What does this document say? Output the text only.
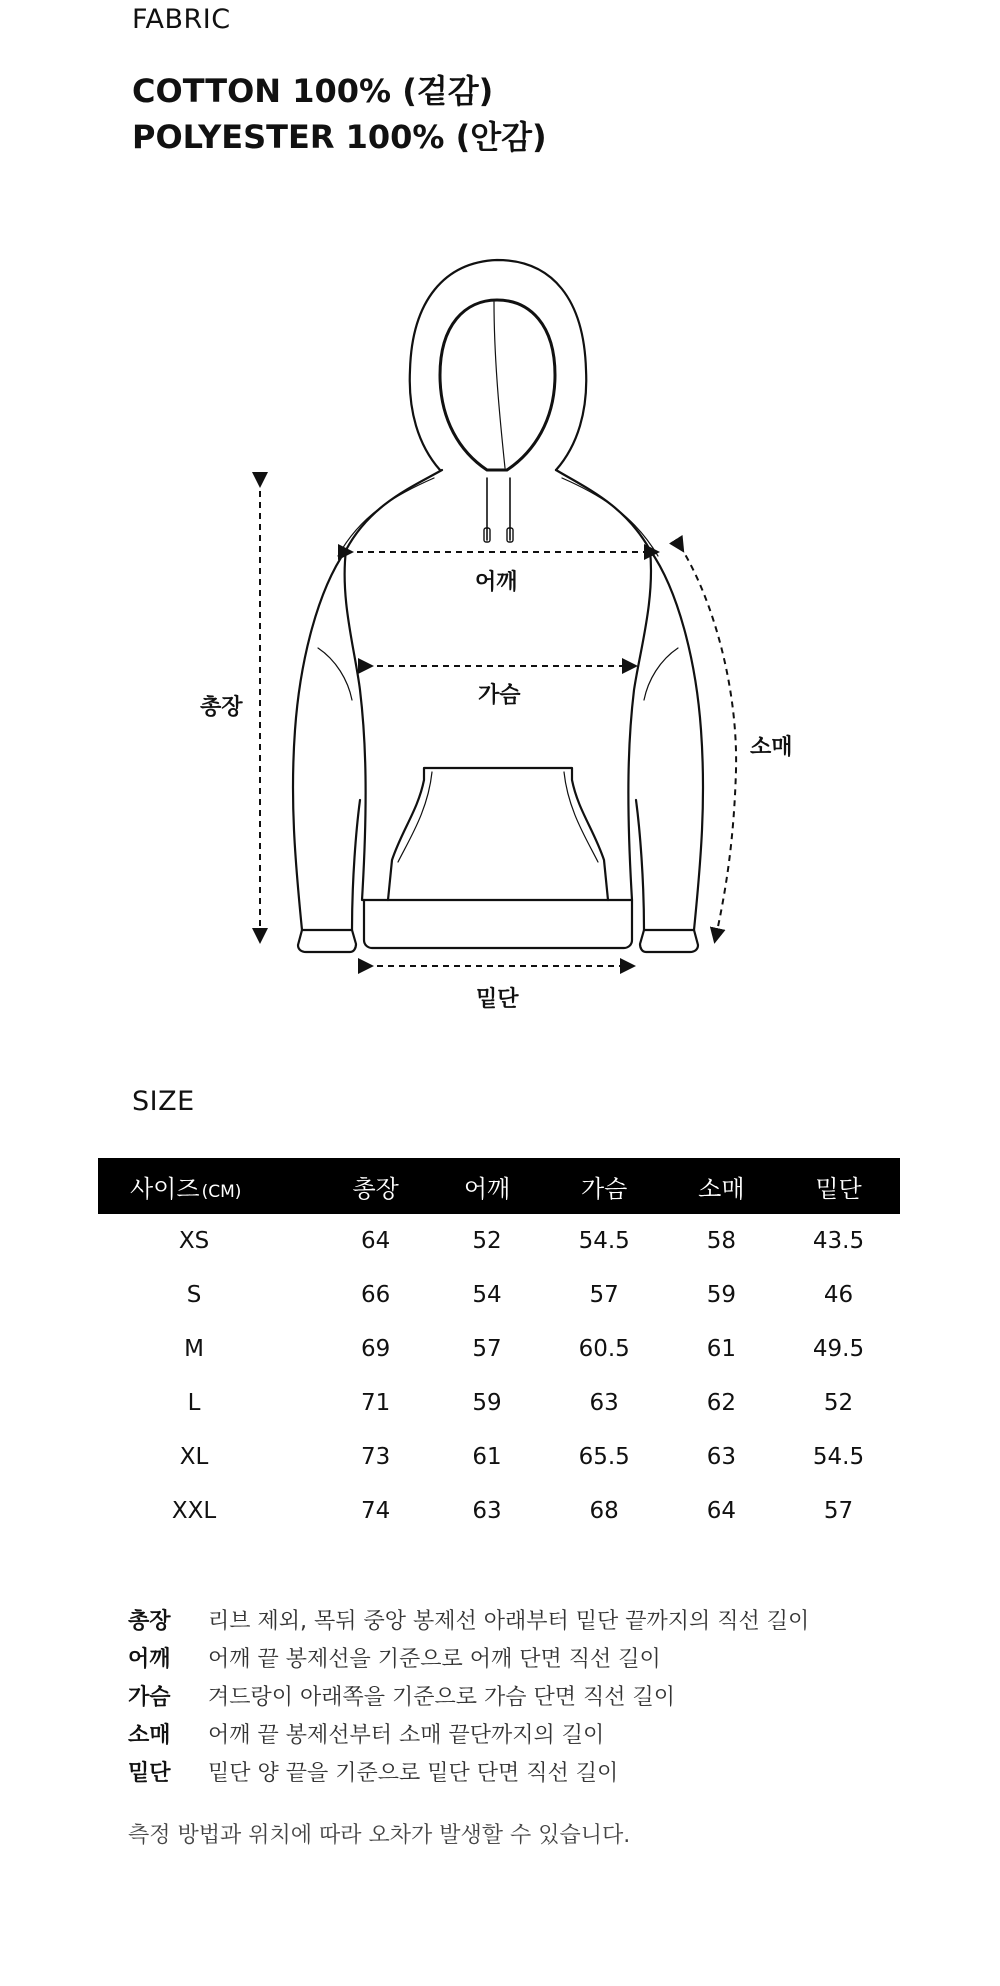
FABRIC
COTTON 100% (겉감)
POLYESTER 100% (안감)
총장
어깨
가슴
소매
밑단
SIZE
사이즈 (CM)	총장	어깨	가슴	소매	밑단
XS	64	52	54.5	58	43.5
S	66	54	57	59	46
M	69	57	60.5	61	49.5
L	71	59	63	62	52
XL	73	61	65.5	63	54.5
XXL	74	63	68	64	57
총장	리브 제외, 목뒤 중앙 봉제선 아래부터 밑단 끝까지의 직선 길이
어깨	어깨 끝 봉제선을 기준으로 어깨 단면 직선 길이
가슴	겨드랑이 아래쪽을 기준으로 가슴 단면 직선 길이
소매	어깨 끝 봉제선부터 소매 끝단까지의 길이
밑단	밑단 양 끝을 기준으로 밑단 단면 직선 길이
측정 방법과 위치에 따라 오차가 발생할 수 있습니다.
